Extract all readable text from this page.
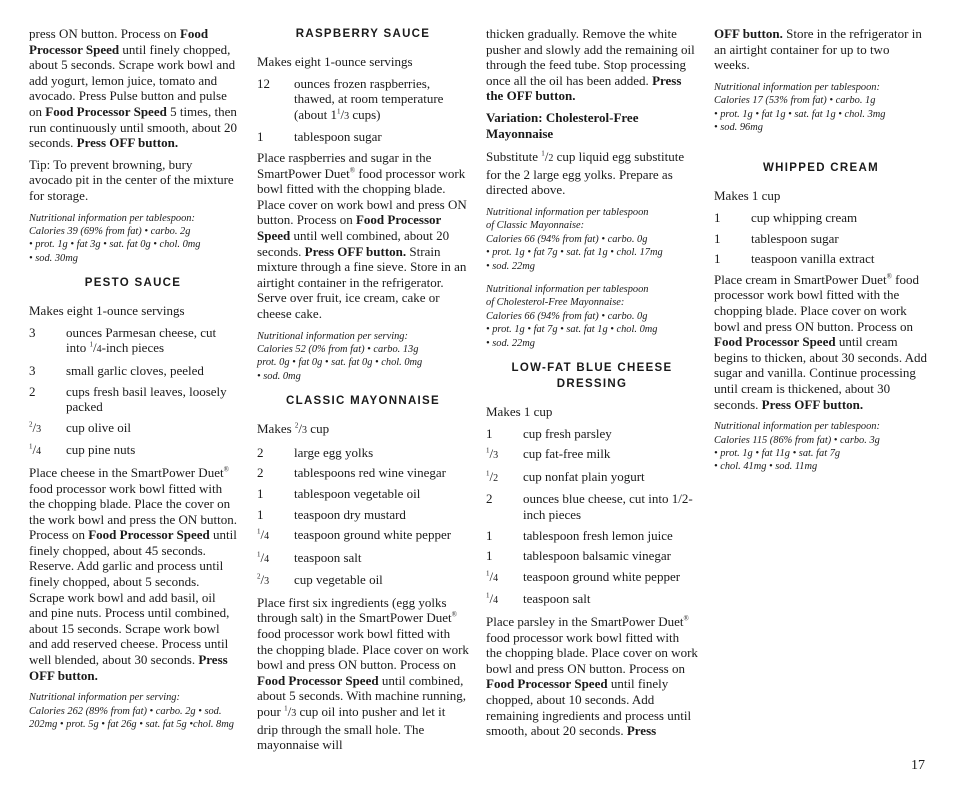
press ON button. Process on Food Processor Speed until finely chopped, about 5 seconds. Scrape work bowl and add yogurt, lemon juice, tomato and avocado. Press Pulse button and pulse on Food Processor Speed 5 times, then run continuously until smooth, about 20 seconds. Press OFF button.

Tip: To prevent browning, bury avocado pit in the center of the mixture for storage.

Nutritional information per tablespoon:
Calories 39 (69% from fat) • carbo. 2g
• prot. 1g • fat 3g • sat. fat 0g • chol. 0mg
• sod. 30mg
PESTO SAUCE

Makes eight 1-ounce servings

3	ounces Parmesan cheese, cut into $^1$/4-inch pieces
3	small garlic cloves, peeled
2	cups fresh basil leaves, loosely packed
$^2$/3	cup olive oil
$^1$/4	cup pine nuts

Place cheese in the SmartPower Duet® food processor work bowl fitted with the chopping blade. Place the cover on the work bowl and press the ON button. Process on Food Processor Speed until finely chopped, about 45 seconds. Reserve. Add garlic and process until finely chopped, about 5 seconds. Scrape work bowl and add basil, oil and pine nuts. Process until combined, about 15 seconds. Scrape work bowl and add reserved cheese. Process until well blended, about 30 seconds. Press OFF button.

Nutritional information per serving:
Calories 262 (89% from fat) • carbo. 2g • sod. 202mg • prot. 5g • fat 26g • sat. fat 5g •chol. 8mg
RASPBERRY SAUCE

Makes eight 1-ounce servings

12	ounces frozen raspberries, thawed, at room temperature (about $1^1/3$ cups)
1	tablespoon sugar

Place raspberries and sugar in the SmartPower Duet® food processor work bowl fitted with the chopping blade. Place cover on work bowl and press ON button. Process on Food Processor Speed until well combined, about 20 seconds. Press OFF button. Strain mixture through a fine sieve. Store in an airtight container in the refrigerator. Serve over fruit, ice cream, cake or cheese cake.

Nutritional information per serving:
Calories 52 (0% from fat) • carbo. 13g
prot. 0g • fat 0g • sat. fat 0g • chol. 0mg
• sod. 0mg
CLASSIC MAYONNAISE

Makes $^2$/3 cup

2	large egg yolks
2	tablespoons red wine vinegar
1	tablespoon vegetable oil
1	teaspoon dry mustard
$^1$/4	teaspoon ground white pepper
$^1$/4	teaspoon salt
$^2$/3	cup vegetable oil

Place first six ingredients (egg yolks through salt) in the SmartPower Duet® food processor work bowl fitted with the chopping blade. Place cover on work bowl and press ON button. Process on Food Processor Speed until combined, about 5 seconds. With machine running, pour $^1$/3 cup oil into pusher and let it drip through the small hole. The mayonnaise will

thicken gradually. Remove the white pusher and slowly add the remaining oil through the feed tube. Stop processing once all the oil has been added. Press the OFF button.

Variation: Cholesterol-Free Mayonnaise

Substitute $^1$/2 cup liquid egg substitute for the 2 large egg yolks. Prepare as directed above.

Nutritional information per tablespoon
of Classic Mayonnaise:
Calories 66 (94% from fat) • carbo. 0g
• prot. 1g • fat 7g • sat. fat 1g • chol. 17mg
• sod. 22mg
Nutritional information per tablespoon
of Cholesterol-Free Mayonnaise:
Calories 66 (94% from fat) • carbo. 0g
• prot. 1g • fat 7g • sat. fat 1g • chol. 0mg
• sod. 22mg
LOW-FAT BLUE CHEESE DRESSING

Makes 1 cup

1	cup fresh parsley
$^1$/3	cup fat-free milk
$^1$/2	cup nonfat plain yogurt
2	ounces blue cheese, cut into 1/2-inch pieces
1	tablespoon fresh lemon juice
1	tablespoon balsamic vinegar
$^1$/4	teaspoon ground white pepper
$^1$/4	teaspoon salt

Place parsley in the SmartPower Duet® food processor work bowl fitted with the chopping blade. Place cover on work bowl and press ON button. Process on Food Processor Speed until finely chopped, about 10 seconds. Add remaining ingredients and process until smooth, about 20 seconds. Press

OFF button. Store in the refrigerator in an airtight container for up to two weeks.

Nutritional information per tablespoon:
Calories 17 (53% from fat) • carbo. 1g
• prot. 1g • fat 1g • sat. fat 1g • chol. 3mg
• sod. 96mg
WHIPPED CREAM

Makes 1 cup

1	cup whipping cream
1	tablespoon sugar
1	teaspoon vanilla extract

Place cream in SmartPower Duet® food processor work bowl fitted with the chopping blade. Place cover on work bowl and press ON button. Process on Food Processor Speed until cream begins to thicken, about 30 seconds. Add sugar and vanilla. Continue processing until cream is thickened, about 30 seconds. Press OFF button.

Nutritional information per tablespoon:
Calories 115 (86% from fat) • carbo. 3g
• prot. 1g • fat 11g • sat. fat 7g
• chol. 41mg • sod. 11mg
17
